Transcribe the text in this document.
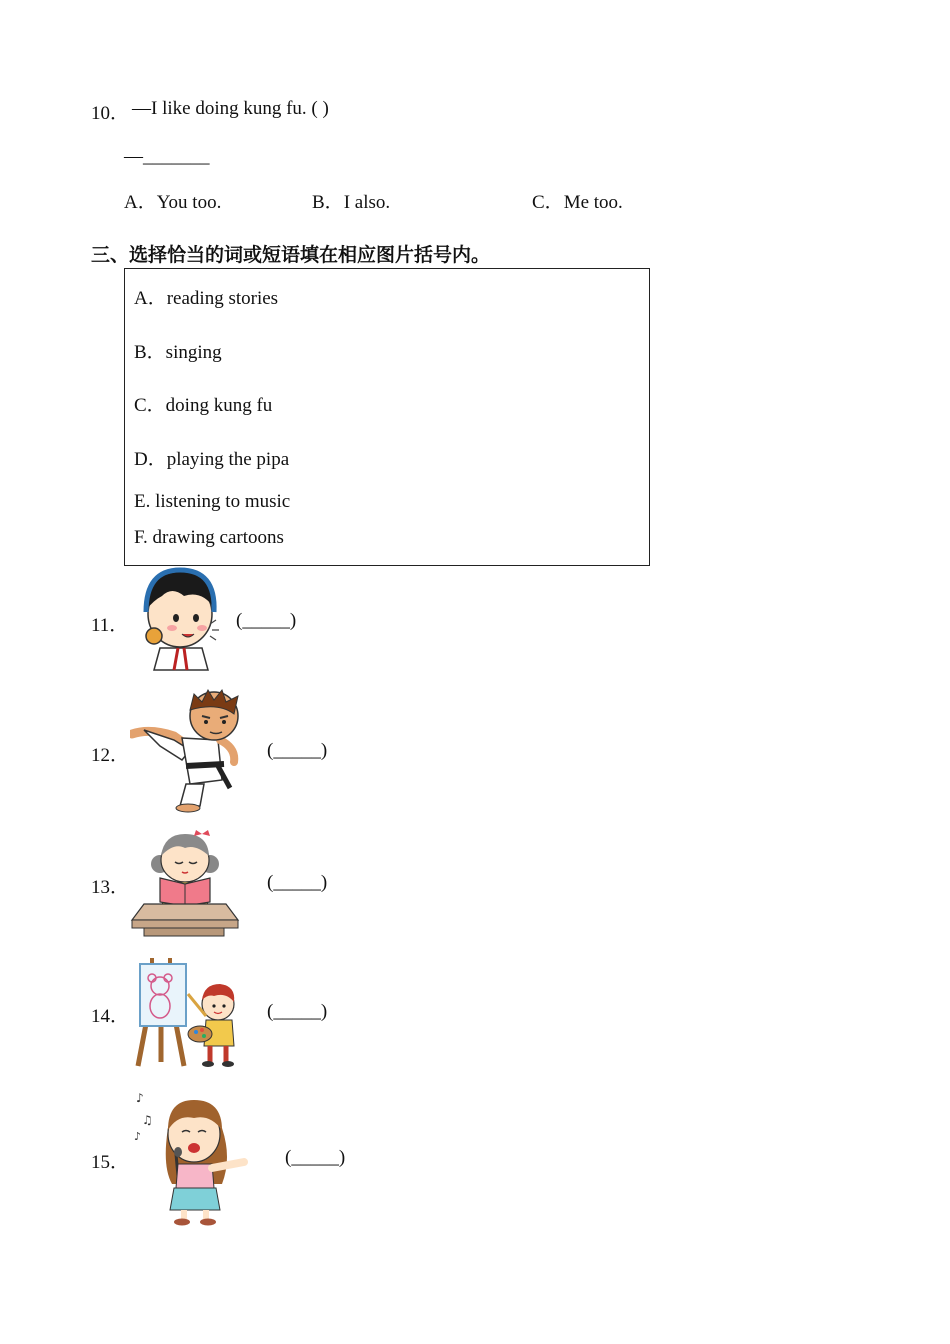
10． —I like doing kung fu. ( )
—_______
A．You too.	B．I also.	C．Me too.
三、选择恰当的词或短语填在相应图片括号内。
A．reading stories
B．singing
C．doing kung fu
D．playing the pipa
E. listening to music
F. drawing cartoons
11．	(_____)
12．	(_____)
13．	(_____)
14．	(_____)
15．
♪
♫
♪
(_____)
